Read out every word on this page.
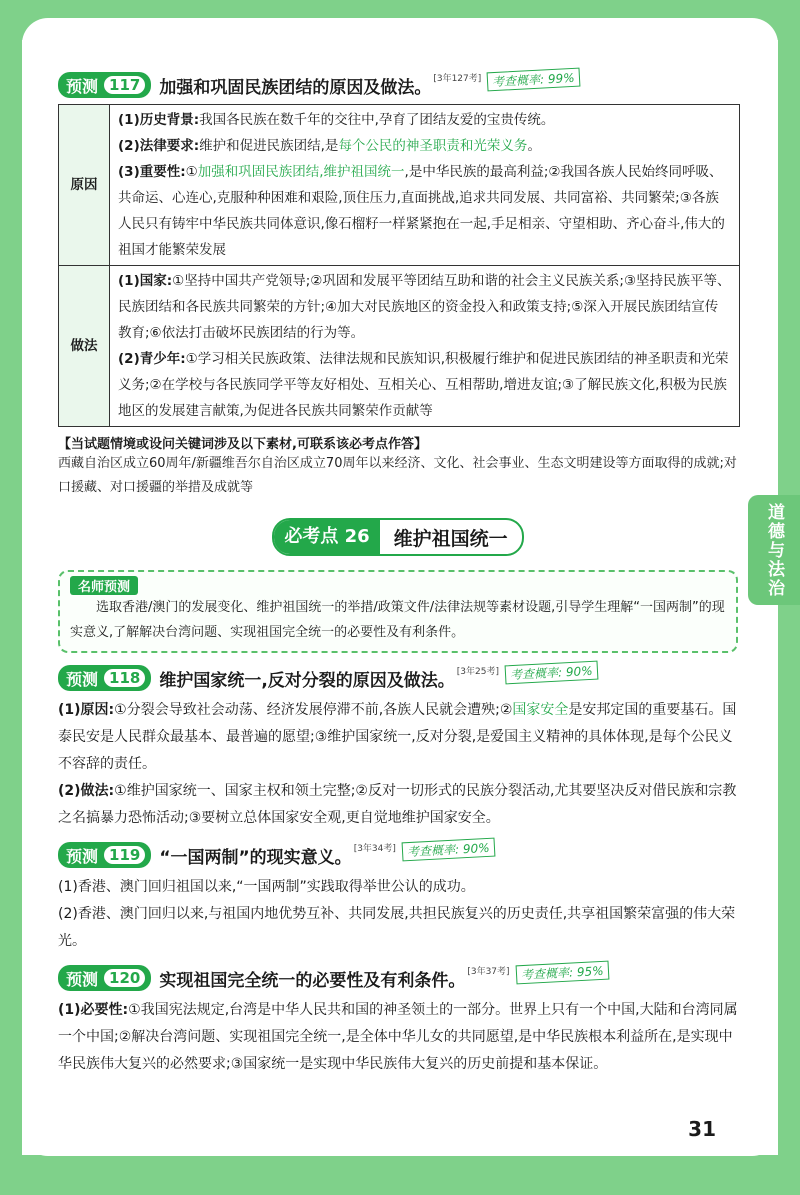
道德与法治
预测 117	加强和巩固民族团结的原因及做法。 [3年127考] 考查概率: 99%
原因	(1)历史背景:我国各民族在数千年的交往中,孕育了团结友爱的宝贵传统。
(2)法律要求:维护和促进民族团结,是每个公民的神圣职责和光荣义务。
(3)重要性:①加强和巩固民族团结,维护祖国统一,是中华民族的最高利益;②我国各族人民始终同呼吸、共命运、心连心,克服种种困难和艰险,顶住压力,直面挑战,追求共同发展、共同富裕、共同繁荣;③各族人民只有铸牢中华民族共同体意识,像石榴籽一样紧紧抱在一起,手足相亲、守望相助、齐心奋斗,伟大的祖国才能繁荣发展

做法	(1)国家:①坚持中国共产党领导;②巩固和发展平等团结互助和谐的社会主义民族关系;③坚持民族平等、民族团结和各民族共同繁荣的方针;④加大对民族地区的资金投入和政策支持;⑤深入开展民族团结宣传教育;⑥依法打击破坏民族团结的行为等。
(2)青少年:①学习相关民族政策、法律法规和民族知识,积极履行维护和促进民族团结的神圣职责和光荣义务;②在学校与各民族同学平等友好相处、互相关心、互相帮助,增进友谊;③了解民族文化,积极为民族地区的发展建言献策,为促进各民族共同繁荣作贡献等
【当试题情境或设问关键词涉及以下素材,可联系该必考点作答】
西藏自治区成立60周年/新疆维吾尔自治区成立70周年以来经济、文化、社会事业、生态文明建设等方面取得的成就;对口援藏、对口援疆的举措及成就等
必考点 26	维护祖国统一
名师预测
选取香港/澳门的发展变化、维护祖国统一的举措/政策文件/法律法规等素材设题,引导学生理解“一国两制”的现实意义,了解解决台湾问题、实现祖国完全统一的必要性及有利条件。
预测 118	维护国家统一,反对分裂的原因及做法。 [3年25考] 考查概率: 90%
(1)原因:①分裂会导致社会动荡、经济发展停滞不前,各族人民就会遭殃;②国家安全是安邦定国的重要基石。国泰民安是人民群众最基本、最普遍的愿望;③维护国家统一,反对分裂,是爱国主义精神的具体体现,是每个公民义不容辞的责任。
(2)做法:①维护国家统一、国家主权和领土完整;②反对一切形式的民族分裂活动,尤其要坚决反对借民族和宗教之名搞暴力恐怖活动;③要树立总体国家安全观,更自觉地维护国家安全。
预测 119	“一国两制”的现实意义。 [3年34考] 考查概率: 90%
(1)香港、澳门回归祖国以来,“一国两制”实践取得举世公认的成功。
(2)香港、澳门回归以来,与祖国内地优势互补、共同发展,共担民族复兴的历史责任,共享祖国繁荣富强的伟大荣光。
预测 120	实现祖国完全统一的必要性及有利条件。 [3年37考] 考查概率: 95%
(1)必要性:①我国宪法规定,台湾是中华人民共和国的神圣领土的一部分。世界上只有一个中国,大陆和台湾同属一个中国;②解决台湾问题、实现祖国完全统一,是全体中华儿女的共同愿望,是中华民族根本利益所在,是实现中华民族伟大复兴的必然要求;③国家统一是实现中华民族伟大复兴的历史前提和基本保证。
31
